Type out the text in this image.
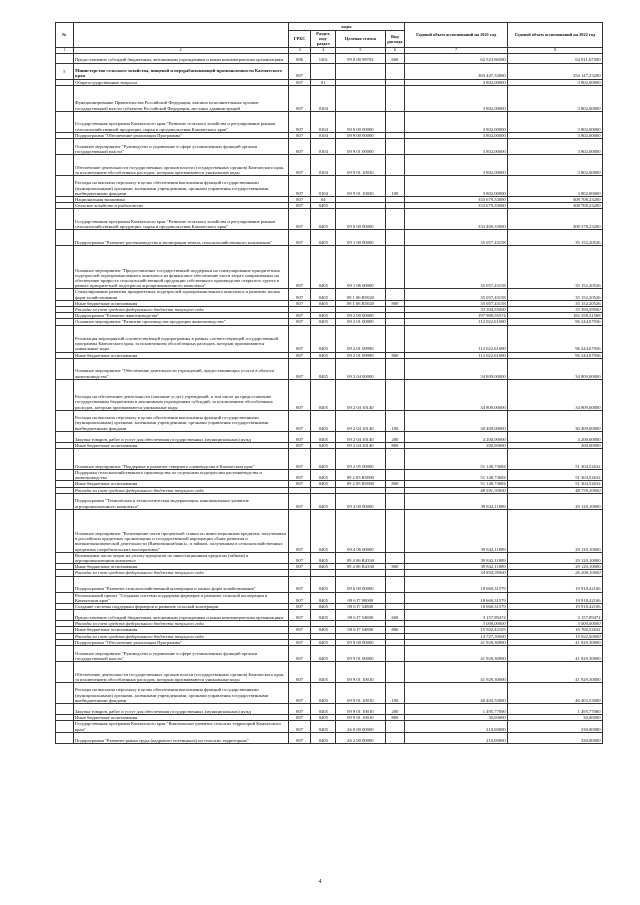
№		коды				Годовой объем ассигнований на 2021 год	Годовой объем ассигнований на 2022 год
		ГРБС	Раздел, под-раздел	Целевая статья	Вид расхода		
1	2	3	4	5	6	7	8
	Предоставление субсидий бюджетным, автономным учреждениям и иным некоммерческим организациям	806	1201	99 0 00 98702	600	62 523,86500	62 811,67500
5	Министерство сельского хозяйства, пищевой и перерабатывающей промышленности Камчатского края	807				383 447,33000	354 147,23200
	Общегосударственные вопросы	807	01			3 802,00000	3 802,00000
	Функционирование Правительства Российской Федерации, высших исполнительных органов государственной власти субъектов Российской Федерации, местных администраций	807	0104			3 802,00000	3 802,00000
	Государственная программа Камчатского края "Развитие сельского хозяйства и регулирование рынков сельскохозяйственной продукции, сырья и продовольствия Камчатского края"	807	0104	09 0 00 00000		3 802,00000	3 802,00000
	Подпрограмма "Обеспечение реализации Программы"	807	0104	09 9 00 00000		3 802,00000	3 802,00000
	Основное мероприятие "Руководство и управление в сфере установленных функций органов государственной власти"	807	0104	09 9 01 00000		3 802,00000	3 802,00000
	Обеспечение деятельности государственных органов власти (государственных органов) Камчатского края, за исключением обособленных расходов, которым присваиваются уникальные коды	807	0104	09 9 01 10030		3 802,00000	3 802,00000
	Расходы на выплаты персоналу в целях обеспечения выполнения функций государственными (муниципальными) органами, казенными учреждениями, органами управления государственными внебюджетными фондами	807	0104	09 9 01 10030	100	3 802,00000	3 802,00000
	Национальная экономика	807	04			333 679,33000	308 708,23200
	Сельское хозяйство и рыболовство	807	0405			333 679,33000	308 708,23200
	Государственная программа Камчатского края "Развитие сельского хозяйства и регулирование рынков сельскохозяйственной продукции, сырья и продовольствия Камчатского края"	807	0405	09 0 00 00000		333 469,33000	308 378,23200
	Подпрограмма "Развитие растениеводства и мелиорации земель сельскохозяйственного назначения"	807	0405	09 1 00 00000		35 057,43158	35 152,20526
	Основное мероприятие "Предоставление государственной поддержки на стимулирование приоритетных подотраслей агропромышленного комплекса на финансовое обеспечение части затрат, направленных на обеспечение прироста сельскохозяйственной продукции собственного производства открытого грунта в рамках приоритетной подотрасли агропромышленного комплекса"	807	0405	09 1 06 00000		35 057,43158	35 152,20526
	Стимулирование развития приоритетных подотраслей агропромышленного комплекса и развитие малых форм хозяйствования	807	0405	09 1 06 R5020		35 057,43158	35 152,20526
	Иные бюджетные ассигнования	807	0405	09 1 06 R5020	800	35 057,43158	35 152,20526
	Расходы за счет средств федерального бюджета текущего года					33 304,55000	33 394,59500
	Подпрограмма "Развитие животноводства"	807	0405	09 2 00 00000		197 980,55574	182 358,31568
	Основное мероприятие "Развитие производства продукции животноводства"	807	0405	09 2 01 00000		112 022,61690	96 244,67936
	Реализация мероприятий соответствующей подпрограммы в рамках соответствующей государственной программы Камчатского края, за исключением обособленных расходов, которым присваиваются уникальные коды	807	0405	09 2 01 09990		112 022,61690	96 244,67936
	Иные бюджетные ассигнования	807	0405	09 2 01 09990	800	112 022,61690	96 244,67936
	Основное мероприятие "Обеспечение деятельности учреждений, предоставляющих услуги в области животноводства"	807	0405	09 2 04 00000		34 809,00000	34 809,00000
	Расходы на обеспечение деятельности (оказание услуг) учреждений, в том числе на предоставление государственным бюджетным и автономным учреждениям субсидий, за исключением обособленных расходов, которым присваиваются уникальные коды	807	0405	09 2 04 10140		34 809,00000	34 809,00000
	Расходы на выплаты персоналу в целях обеспечения выполнения функций государственными (муниципальными) органами, казенными учреждениями, органами управления государственными внебюджетными фондами	807	0405	09 2 04 10140	100	30 409,00000	30 409,00000
	Закупка товаров, работ и услуг для обеспечения государственных (муниципальных) нужд	807	0405	09 2 04 10140	200	4 200,00000	4 200,00000
	Иные бюджетные ассигнования	807	0405	09 2 04 10140	800	200,00000	200,00000
	Основное мероприятие "Поддержка и развитие северного оленеводства в Камчатском крае"	807	0405	09 2 05 00000		51 148,73684	51 304,52632
	Поддержка сельскохозяйственного производства по отдельным подотраслям растениеводства и животноводства	807	0405	09 2 05 R5080		51 148,73684	51 304,52632
	Иные бюджетные ассигнования	807	0405	09 2 05 R5080	800	51 148,73684	51 304,52632
	Расходы за счет средств федерального бюджета текущего года					48 591,30000	48 739,30000
	Подпрограмма "Техническая и технологическая модернизация, инновационное развитие агропромышленного комплекса"	807	0405	09 4 00 00000		39 842,11889	29 120,10000
	Основное мероприятие "Возмещение части процентной ставки по инвестиционным кредитам, полученным в российских кредитных организациях и государственной корпорации «Банк развития и внешнеэкономической деятельности (Внешэкономбанк)», и займам, полученным в сельскохозяйственных кредитных потребительских кооперативах"	807	0405	09 4 06 00000		39 842,11889	29 120,10000
	Возмещение части затрат на уплату процентов по инвестиционным кредитам (займам) в агропромышленном комплексе	807	0405	09 4 06 R4330		39 842,11889	29 120,10000
	Иные бюджетные ассигнования	807	0405	09 4 06 R4330	800	39 842,11889	29 120,10000
	Расходы за счет средств федерального бюджета текущего года					34 854,39000	26 208,10000
	Подпрограмма "Развитие сельскохозяйственной кооперации и малых форм хозяйствования"	807	0405	09 6 00 00000		18 660,31579	19 918,42106
	Региональный проект "Создание системы поддержки фермеров и развитие сельской кооперации в Камчатском крае"	807	0405	09 6 I7 00000		18 660,31579	19 918,42106
	Создание системы поддержки фермеров и развитие сельской кооперации	807	0405	09 6 I7 54800		18 660,31579	19 918,42106
	Предоставление субсидий бюджетным, автономным учреждениям и иным некоммерческим организациям	807	0405	09 6 I7 54800	600	3 157,89474	3 157,89474
	Расходы за счет средств федерального бюджета текущего года					3 000,00000	3 000,00000
	Иные бюджетные ассигнования	807	0405	09 6 I7 54800	800	15 502,42105	16 760,52632
	Расходы за счет средств федерального бюджета текущего года					14 727,30000	15 922,50000
	Подпрограмма "Обеспечение реализации Программы"	807	0405	09 9 00 00000		41 929,30000	41 929,30000
	Основное мероприятие "Руководство и управление в сфере установленных функций органов государственной власти"	807	0405	09 9 01 00000		41 929,30000	41 929,30000
	Обеспечение деятельности государственных органов власти (государственных органов) Камчатского края, за исключением обособленных расходов, которым присваиваются уникальные коды	807	0405	09 9 01 10010		41 929,30000	41 929,30000
	Расходы на выплаты персоналу в целях обеспечения выполнения функций государственными (муниципальными) органами, казенными учреждениями, органами управления государственными внебюджетными фондами	807	0405	09 9 01 10010	100	40 403,53000	40 403,53000
	Закупка товаров, работ и услуг для обеспечения государственных (муниципальных) нужд	807	0405	09 9 01 10010	200	1 495,77000	1 495,77000
	Иные бюджетные ассигнования	807	0405	09 9 01 10010	800	30,00000	30,00000
	Государственная программа Камчатского края "Комплексное развитие сельских территорий Камчатского края"	807	0405	26 0 00 00000		210,00000	330,00000
	Подпрограмма "Развитие рынка труда (кадрового потенциала) на сельских территориях"	807	0405	26 2 00 00000		210,00000	330,00000
4
